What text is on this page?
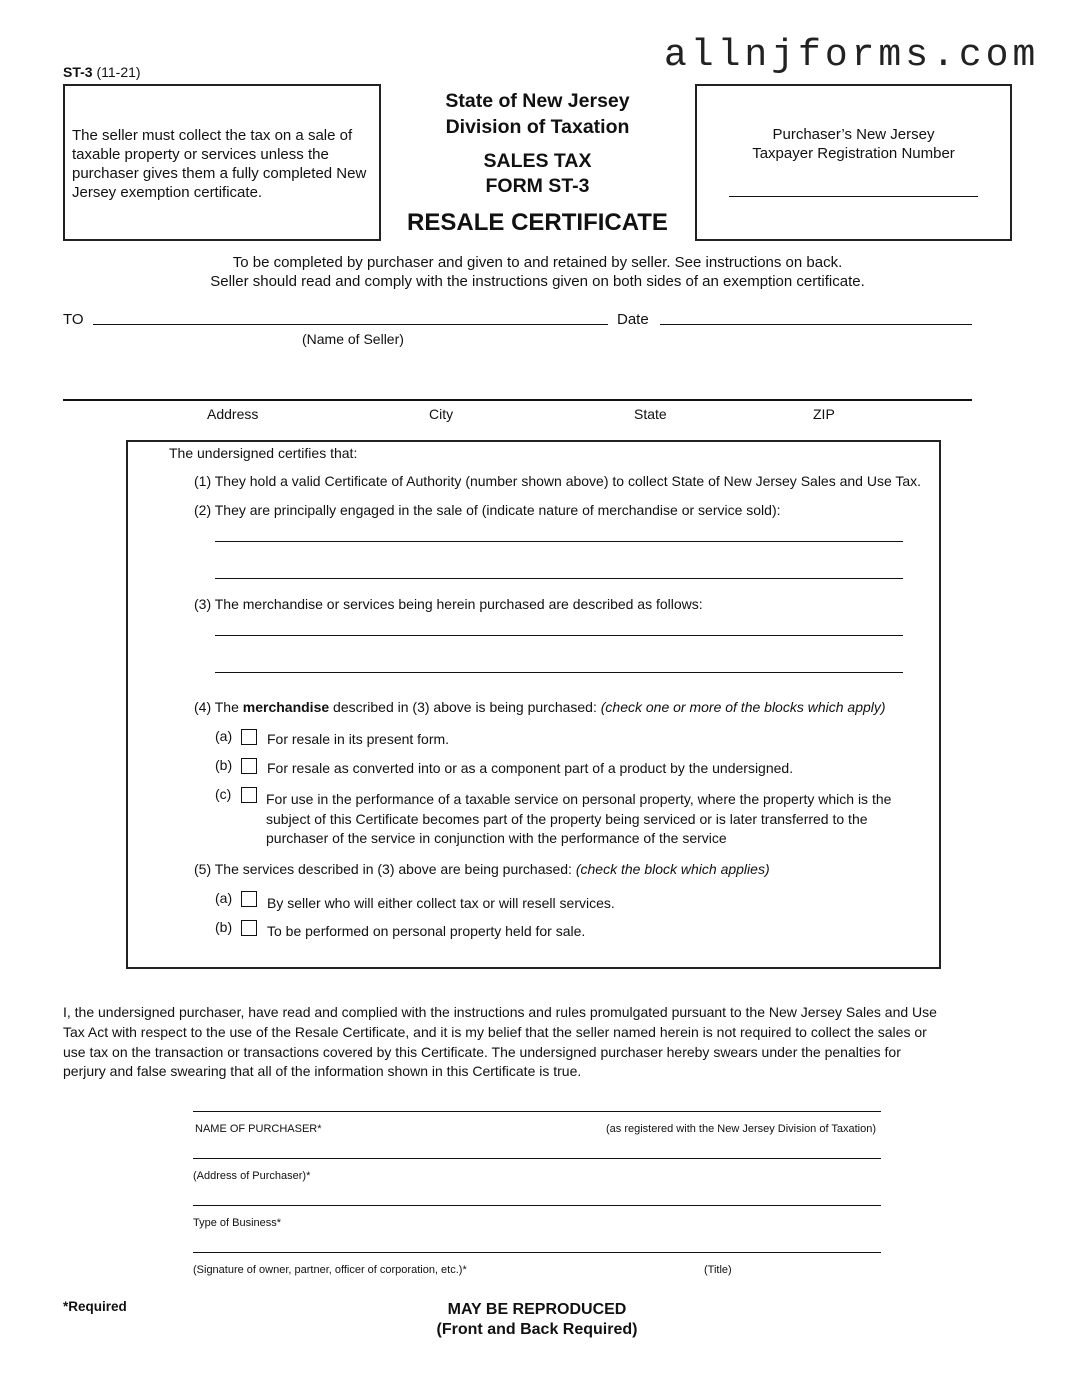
ST-3 (11-21)	allnjforms.com
The seller must collect the tax on a sale of taxable property or services unless the purchaser gives them a fully completed New Jersey exemption certificate.
State of New Jersey
Division of Taxation
SALES TAX
FORM ST-3
RESALE CERTIFICATE
Purchaser’s New Jersey
Taxpayer Registration Number
To be completed by purchaser and given to and retained by seller. See instructions on back.
Seller should read and comply with the instructions given on both sides of an exemption certificate.
TO
(Name of Seller)
Date
Address	City	State	ZIP
The undersigned certifies that:
(1) They hold a valid Certificate of Authority (number shown above) to collect State of New Jersey Sales and Use Tax.
(2) They are principally engaged in the sale of (indicate nature of merchandise or service sold):
(3) The merchandise or services being herein purchased are described as follows:
(4) The merchandise described in (3) above is being purchased: (check one or more of the blocks which apply)
(a) For resale in its present form.
(b) For resale as converted into or as a component part of a product by the undersigned.
(c) For use in the performance of a taxable service on personal property, where the property which is the
subject of this Certificate becomes part of the property being serviced or is later transferred to the
purchaser of the service in conjunction with the performance of the service
(5) The services described in (3) above are being purchased: (check the block which applies)
(a) By seller who will either collect tax or will resell services.
(b) To be performed on personal property held for sale.
I, the undersigned purchaser, have read and complied with the instructions and rules promulgated pursuant to the New Jersey Sales and Use
Tax Act with respect to the use of the Resale Certificate, and it is my belief that the seller named herein is not required to collect the sales or
use tax on the transaction or transactions covered by this Certificate. The undersigned purchaser hereby swears under the penalties for
perjury and false swearing that all of the information shown in this Certificate is true.
NAME OF PURCHASER*	(as registered with the New Jersey Division of Taxation)
(Address of Purchaser)*
Type of Business*
(Signature of owner, partner, officer of corporation, etc.)*	(Title)
*Required	MAY BE REPRODUCED
(Front and Back Required)
